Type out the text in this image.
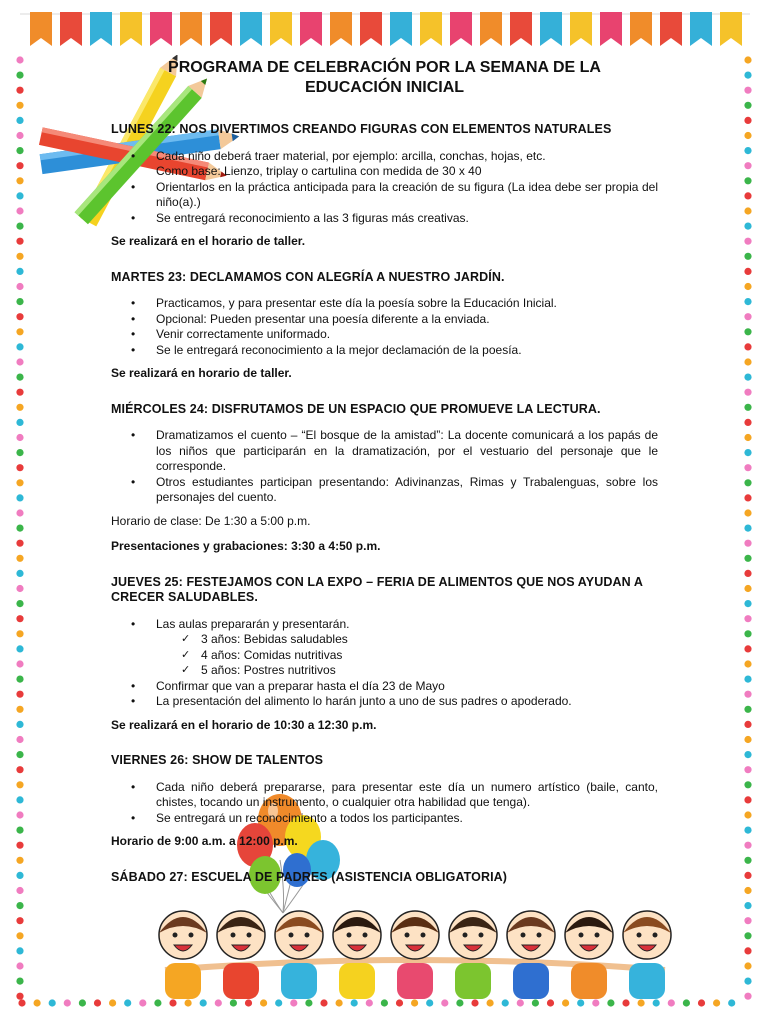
PROGRAMA DE CELEBRACIÓN POR LA SEMANA DE LA EDUCACIÓN INICIAL
LUNES 22: NOS DIVERTIMOS CREANDO FIGURAS CON ELEMENTOS NATURALES
• Cada niño deberá traer material, por ejemplo: arcilla, conchas, hojas, etc.
Como base: Lienzo, triplay o cartulina con medida de 30 x 40
• Orientarlos en la práctica anticipada para la creación de su figura (La idea debe ser propia del niño(a).)
• Se entregará reconocimiento a las 3 figuras más creativas.

Se realizará en el horario de taller.

MARTES 23: DECLAMAMOS CON ALEGRÍA A NUESTRO JARDÍN.
• Practicamos, y para presentar este día la poesía sobre la Educación Inicial.
• Opcional: Pueden presentar una poesía diferente a la enviada.
• Venir correctamente uniformado.
• Se le entregará reconocimiento a la mejor declamación de la poesía.

Se realizará en horario de taller.

MIÉRCOLES 24: DISFRUTAMOS DE UN ESPACIO QUE PROMUEVE LA LECTURA.
• Dramatizamos el cuento – “El bosque de la amistad”: La docente comunicará a los papás de los niños que participarán en la dramatización, por el vestuario del personaje que le corresponde.
• Otros estudiantes participan presentando: Adivinanzas, Rimas y Trabalenguas, sobre los personajes del cuento.

Horario de clase: De 1:30 a 5:00 p.m.

Presentaciones y grabaciones: 3:30 a 4:50 p.m.

JUEVES 25: FESTEJAMOS CON LA EXPO – FERIA DE ALIMENTOS QUE NOS AYUDAN A CRECER SALUDABLES.
• Las aulas prepararán y presentarán.
✓ 3 años: Bebidas saludables
✓ 4 años: Comidas nutritivas
✓ 5 años: Postres nutritivos
• Confirmar que van a preparar hasta el día 23 de Mayo
• La presentación del alimento lo harán junto a uno de sus padres o apoderado.

Se realizará en el horario de 10:30 a 12:30 p.m.

VIERNES 26: SHOW DE TALENTOS
• Cada niño deberá prepararse, para presentar este día un numero artístico (baile, canto, chistes, tocando un instrumento, o cualquier otra habilidad que tenga).
• Se entregará un reconocimiento a todos los participantes.

Horario de 9:00 a.m. a 12:00 p.m.

SÁBADO 27: ESCUELA DE PADRES (ASISTENCIA OBLIGATORIA)
